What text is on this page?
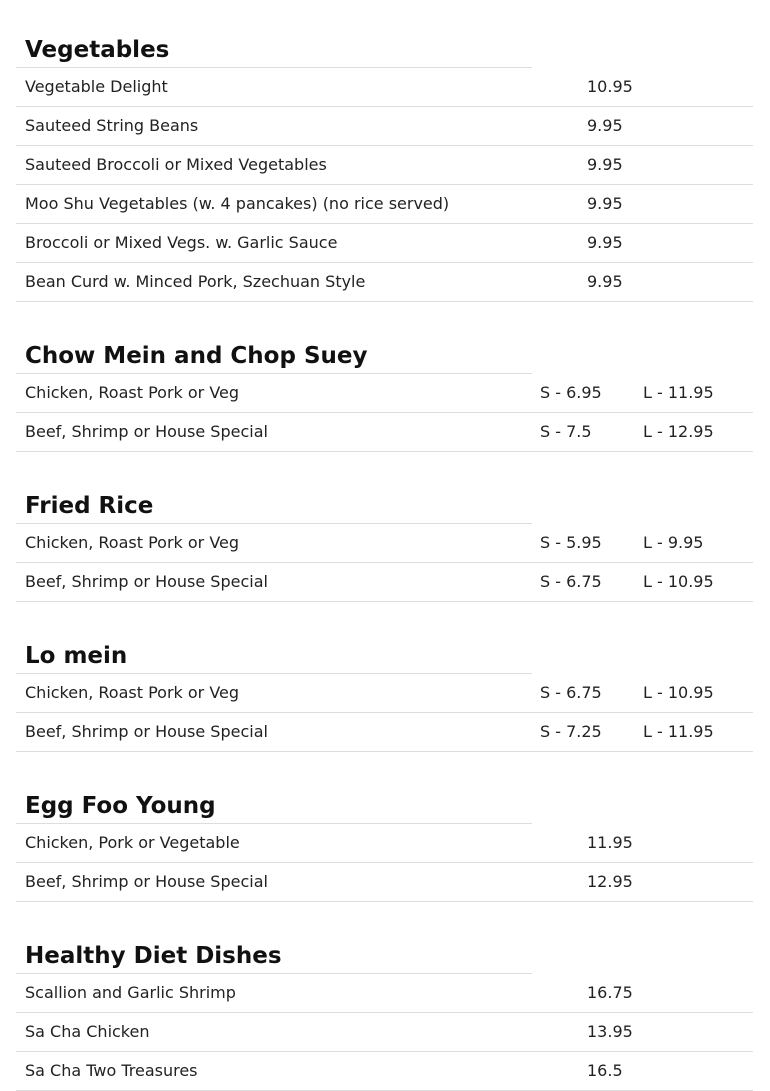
Vegetables
Vegetable Delight	10.95
Sauteed String Beans	9.95
Sauteed Broccoli or Mixed Vegetables	9.95
Moo Shu Vegetables (w. 4 pancakes) (no rice served)	9.95
Broccoli or Mixed Vegs. w. Garlic Sauce	9.95
Bean Curd w. Minced Pork, Szechuan Style	9.95
Chow Mein and Chop Suey
Chicken, Roast Pork or Veg	S - 6.95	L - 11.95
Beef, Shrimp or House Special	S - 7.5	L - 12.95
Fried Rice
Chicken, Roast Pork or Veg	S - 5.95	L - 9.95
Beef, Shrimp or House Special	S - 6.75	L - 10.95
Lo mein
Chicken, Roast Pork or Veg	S - 6.75	L - 10.95
Beef, Shrimp or House Special	S - 7.25	L - 11.95
Egg Foo Young
Chicken, Pork or Vegetable	11.95
Beef, Shrimp or House Special	12.95
Healthy Diet Dishes
Scallion and Garlic Shrimp	16.75
Sa Cha Chicken	13.95
Sa Cha Two Treasures	16.5
